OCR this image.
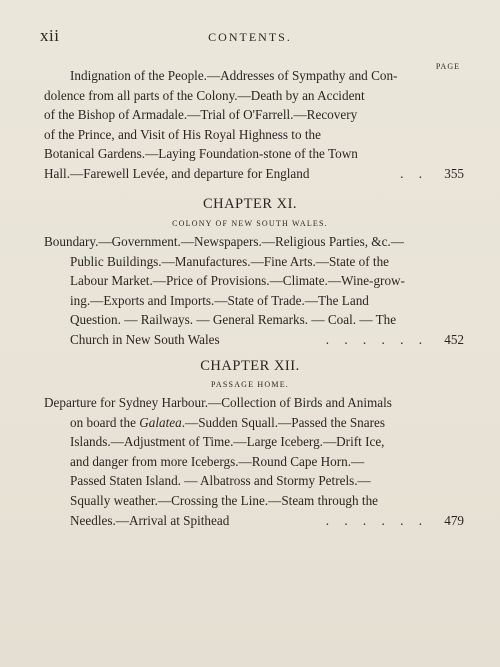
xii	CONTENTS.
PAGE
Indignation of the People.—Addresses of Sympathy and Con-
dolence from all parts of the Colony.—Death by an Accident
of the Bishop of Armadale.—Trial of O'Farrell.—Recovery
of the Prince, and Visit of His Royal Highness to the
Botanical Gardens.—Laying Foundation-stone of the Town
Hall.—Farewell Levée, and departure for England	. .	355
CHAPTER XI.
COLONY OF NEW SOUTH WALES.
Boundary.—Government.—Newspapers.—Religious Parties, &c.—
Public Buildings.—Manufactures.—Fine Arts.—State of the
Labour Market.—Price of Provisions.—Climate.—Wine-grow-
ing.—Exports and Imports.—State of Trade.—The Land
Question. — Railways. — General Remarks. — Coal. — The
Church in New South Wales	. . . . . .	452
CHAPTER XII.
PASSAGE HOME.
Departure for Sydney Harbour.—Collection of Birds and Animals
on board the Galatea.—Sudden Squall.—Passed the Snares
Islands.—Adjustment of Time.—Large Iceberg.—Drift Ice,
and danger from more Icebergs.—Round Cape Horn.—
Passed Staten Island. — Albatross and Stormy Petrels.—
Squally weather.—Crossing the Line.—Steam through the
Needles.—Arrival at Spithead	. . . . . .	479
